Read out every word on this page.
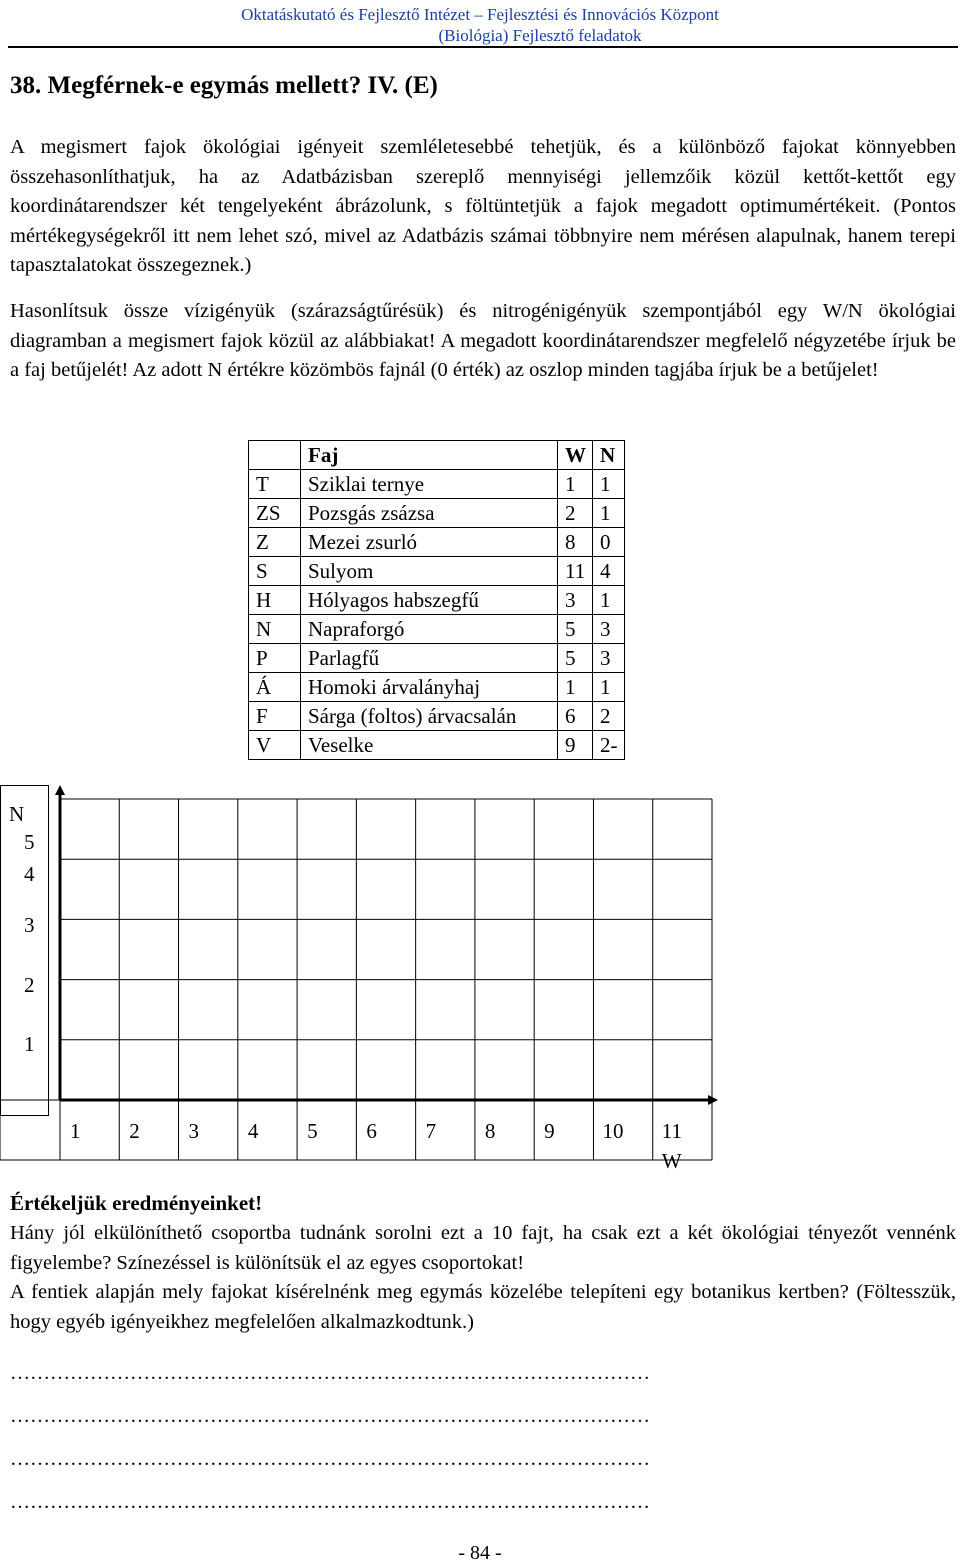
Oktatáskutató és Fejlesztő Intézet – Fejlesztési és Innovációs Központ
(Biológia) Fejlesztő feladatok
38. Megférnek-e egymás mellett? IV. (E)

A megismert fajok ökológiai igényeit szemléletesebbé tehetjük, és a különböző fajokat könnyebben összehasonlíthatjuk, ha az Adatbázisban szereplő mennyiségi jellemzőik közül kettőt-kettőt egy koordinátarendszer két tengelyeként ábrázolunk, s föltüntetjük a fajok megadott optimumértékeit. (Pontos mértékegységekről itt nem lehet szó, mivel az Adatbázis számai többnyire nem mérésen alapulnak, hanem terepi tapasztalatokat összegeznek.)

Hasonlítsuk össze vízigényük (szárazságtűrésük) és nitrogénigényük szempontjából egy W/N ökológiai diagramban a megismert fajok közül az alábbiakat! A megadott koordinátarendszer megfelelő négyzetébe írjuk be a faj betűjelét! Az adott N értékre közömbös fajnál (0 érték) az oszlop minden tagjába írjuk be a betűjelet!

	Faj	W	N
T	Sziklai ternye	1	1
ZS	Pozsgás zsázsa	2	1
Z	Mezei zsurló	8	0
S	Sulyom	11	4
H	Hólyagos habszegfű	3	1
N	Napraforgó	5	3
P	Parlagfű	5	3
Á	Homoki árvalányhaj	1	1
F	Sárga (foltos) árvacsalán	6	2
V	Veselke	9	2-
N
5
4
3
2
1
1 2 3 4 5 6 7 8 9 10 11
W
Értékeljük eredményeinket!

Hány jól elkülöníthető csoportba tudnánk sorolni ezt a 10 fajt, ha csak ezt a két ökológiai tényezőt vennénk figyelembe? Színezéssel is különítsük el az egyes csoportokat!

A fentiek alapján mely fajokat kísérelnénk meg egymás közelébe telepíteni egy botanikus kertben? (Föltesszük, hogy egyéb igényeikhez megfelelően alkalmazkodtunk.)

……………………………………………………………………………………
……………………………………………………………………………………
……………………………………………………………………………………
……………………………………………………………………………………
- 84 -
